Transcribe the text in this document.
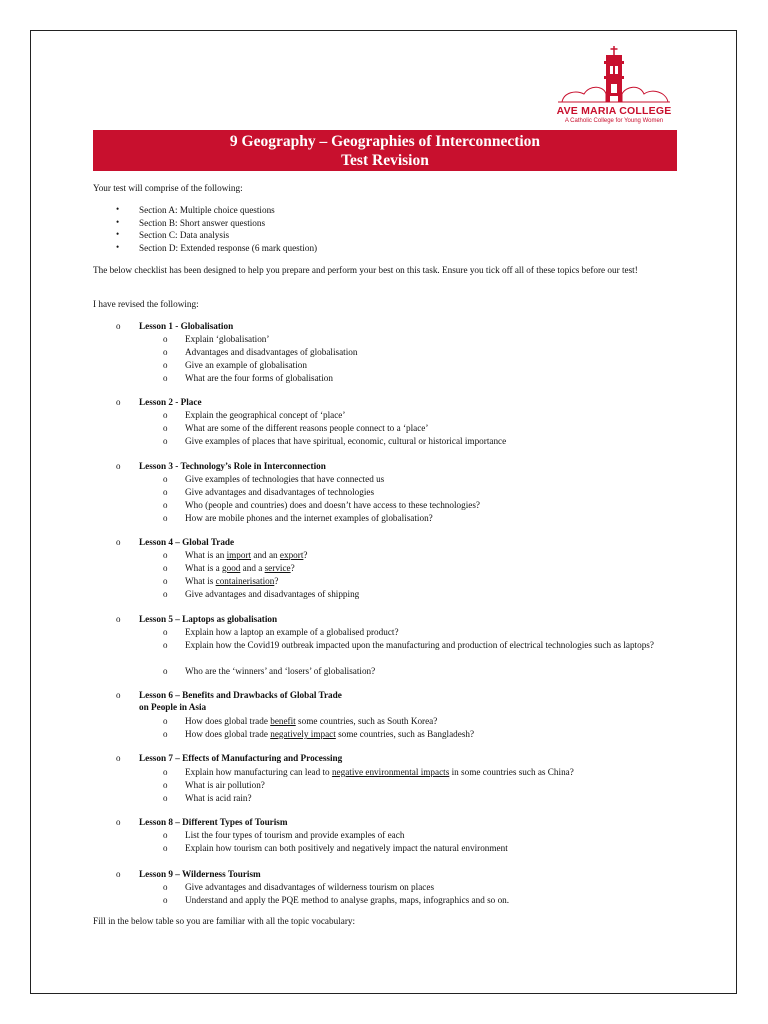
AVE MARIA COLLEGE
A Catholic College for Young Women
9 Geography – Geographies of Interconnection
Test Revision
Your test will comprise of the following:
• Section A: Multiple choice questions
• Section B: Short answer questions
• Section C: Data analysis
• Section D: Extended response (6 mark question)
The below checklist has been designed to help you prepare and perform your best on this task. Ensure you tick off all of these topics before our test!
I have revised the following:
o Lesson 1 - Globalisation
o Explain ‘globalisation’
o Advantages and disadvantages of globalisation
o Give an example of globalisation
o What are the four forms of globalisation
o Lesson 2 - Place
o Explain the geographical concept of ‘place’
o What are some of the different reasons people connect to a ‘place’
o Give examples of places that have spiritual, economic, cultural or historical importance
o Lesson 3 - Technology’s Role in Interconnection
o Give examples of technologies that have connected us
o Give advantages and disadvantages of technologies
o Who (people and countries) does and doesn’t have access to these technologies?
o How are mobile phones and the internet examples of globalisation?
o Lesson 4 – Global Trade
o What is an import and an export?
o What is a good and a service?
o What is containerisation?
o Give advantages and disadvantages of shipping
o Lesson 5 – Laptops as globalisation
o Explain how a laptop an example of a globalised product?
o Explain how the Covid19 outbreak impacted upon the manufacturing and production of electrical technologies such as laptops?
o Who are the ‘winners’ and ‘losers’ of globalisation?
o Lesson 6 – Benefits and Drawbacks of Global Trade
on People in Asia
o How does global trade benefit some countries, such as South Korea?
o How does global trade negatively impact some countries, such as Bangladesh?
o Lesson 7 – Effects of Manufacturing and Processing
o Explain how manufacturing can lead to negative environmental impacts in some countries such as China?
o What is air pollution?
o What is acid rain?
o Lesson 8 – Different Types of Tourism
o List the four types of tourism and provide examples of each
o Explain how tourism can both positively and negatively impact the natural environment
o Lesson 9 – Wilderness Tourism
o Give advantages and disadvantages of wilderness tourism on places
o Understand and apply the PQE method to analyse graphs, maps, infographics and so on.
Fill in the below table so you are familiar with all the topic vocabulary:
